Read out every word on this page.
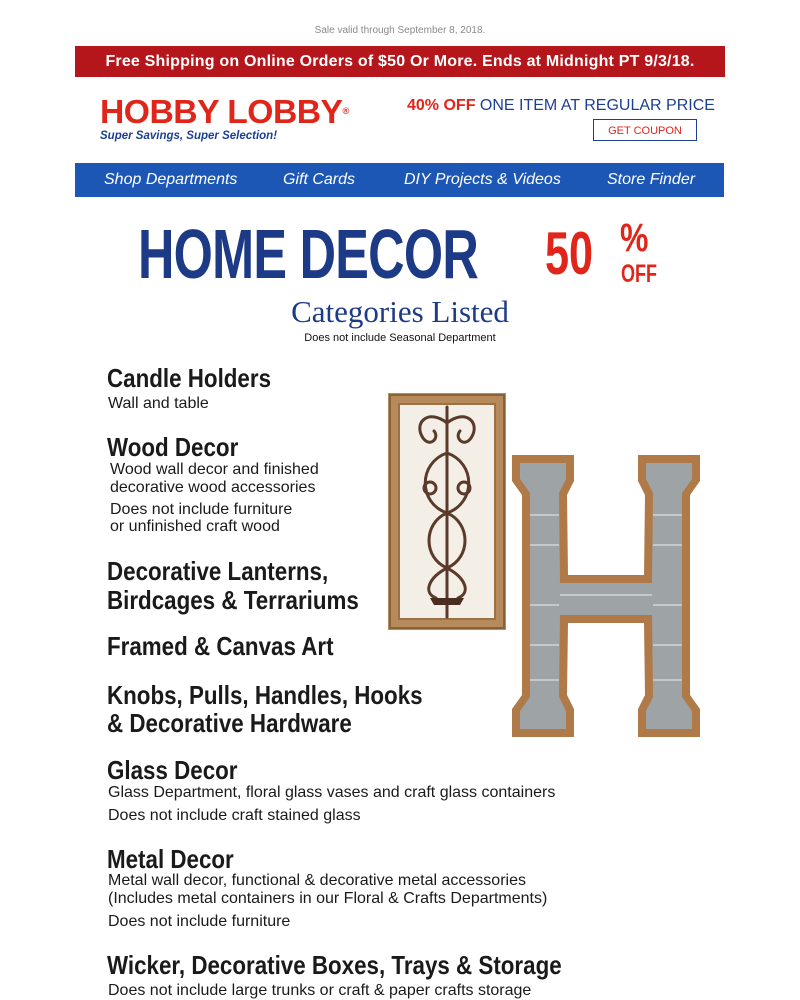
Sale valid through September 8, 2018.
Free Shipping on Online Orders of $50 Or More. Ends at Midnight PT 9/3/18.
HOBBY LOBBY®
Super Savings, Super Selection!
40% OFF ONE ITEM AT REGULAR PRICE
GET COUPON
Shop Departments	Gift Cards	DIY Projects & Videos	Store Finder
HOME DECOR	50 %
OFF
Categories Listed
Does not include Seasonal Department
Candle Holders
Wall and table
Wood Decor
Wood wall decor and finished
decorative wood accessories
Does not include furniture
or unfinished craft wood
Decorative Lanterns,
Birdcages & Terrariums
Framed & Canvas Art
Knobs, Pulls, Handles, Hooks
& Decorative Hardware
Glass Decor
Glass Department, floral glass vases and craft glass containers
Does not include craft stained glass
Metal Decor
Metal wall decor, functional & decorative metal accessories
(Includes metal containers in our Floral & Crafts Departments)
Does not include furniture
Wicker, Decorative Boxes, Trays & Storage
Does not include large trunks or craft & paper crafts storage
